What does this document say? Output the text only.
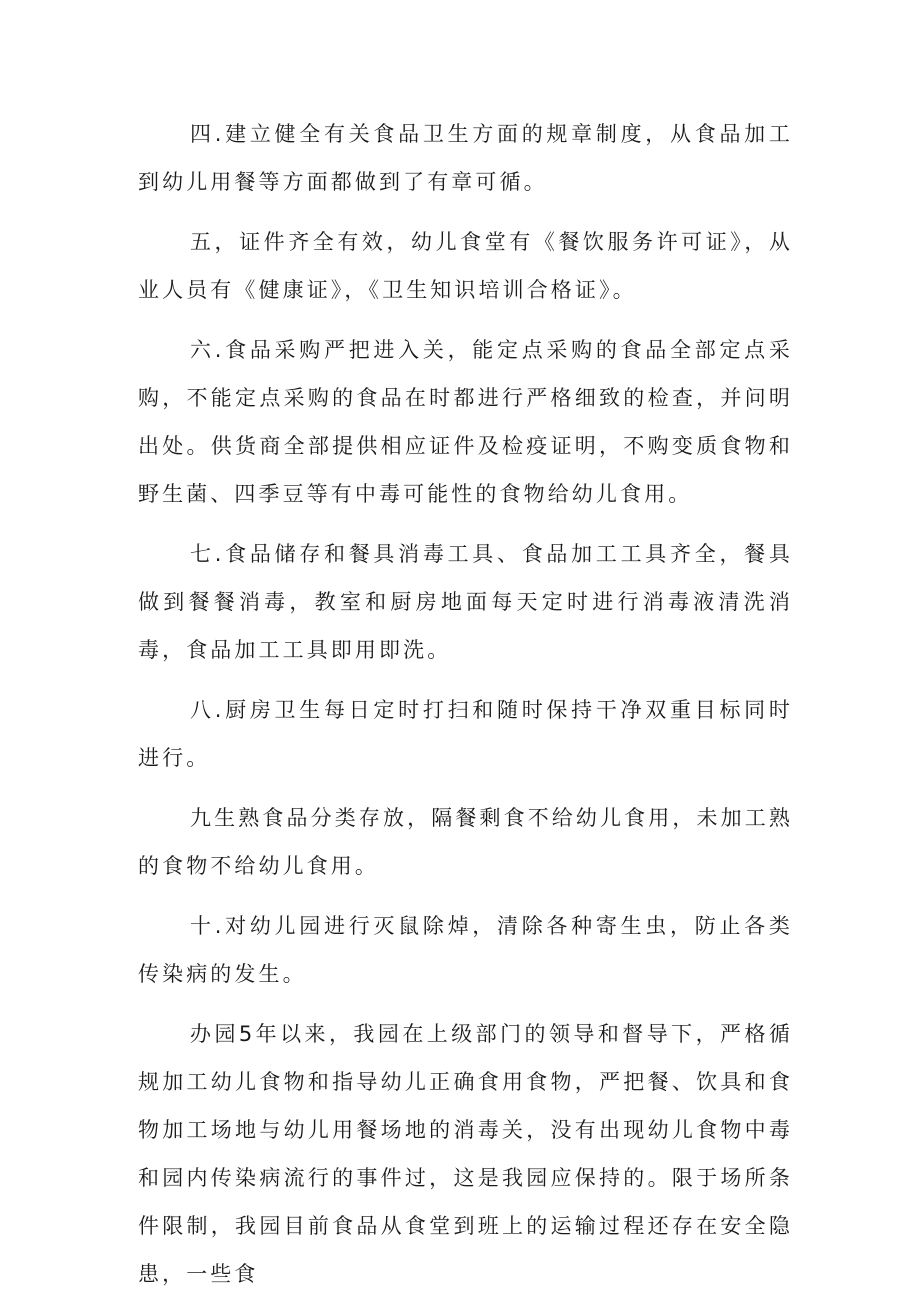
四.建立健全有关食品卫生方面的规章制度，从食品加工到幼儿用餐等方面都做到了有章可循。

五，证件齐全有效，幼儿食堂有《餐饮服务许可证》，从业人员有《健康证》，《卫生知识培训合格证》。

六.食品采购严把进入关，能定点采购的食品全部定点采购，不能定点采购的食品在时都进行严格细致的检查，并问明出处。供货商全部提供相应证件及检疫证明，不购变质食物和野生菌、四季豆等有中毒可能性的食物给幼儿食用。

七.食品储存和餐具消毒工具、食品加工工具齐全，餐具做到餐餐消毒，教室和厨房地面每天定时进行消毒液清洗消毒，食品加工工具即用即洗。

八.厨房卫生每日定时打扫和随时保持干净双重目标同时进行。

九生熟食品分类存放，隔餐剩食不给幼儿食用，未加工熟的食物不给幼儿食用。

十.对幼儿园进行灭鼠除焯，清除各种寄生虫，防止各类传染病的发生。

办园5年以来，我园在上级部门的领导和督导下，严格循规加工幼儿食物和指导幼儿正确食用食物，严把餐、饮具和食物加工场地与幼儿用餐场地的消毒关，没有出现幼儿食物中毒和园内传染病流行的事件过，这是我园应保持的。限于场所条件限制，我园目前食品从食堂到班上的运输过程还存在安全隐患，一些食
